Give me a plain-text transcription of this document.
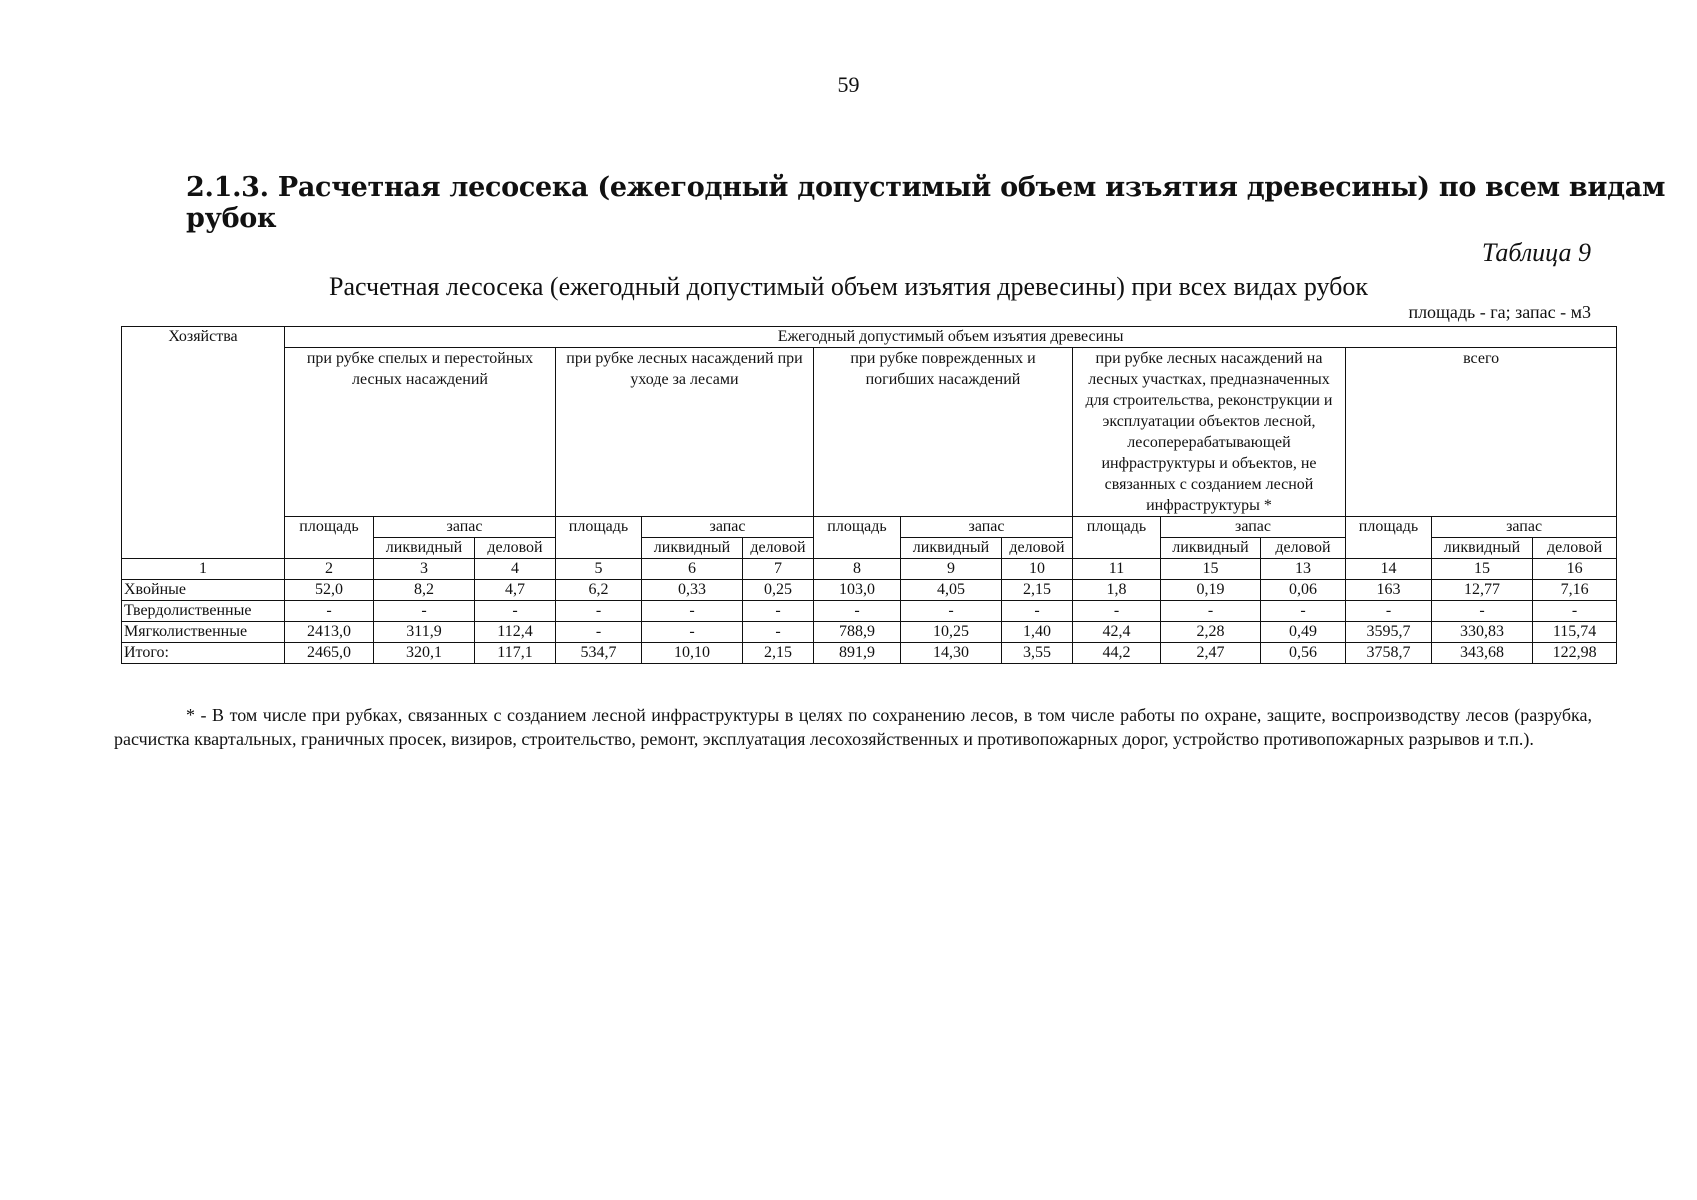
59
2.1.3. Расчетная лесосека (ежегодный допустимый объем изъятия древесины) по всем видам рубок
Таблица 9
Расчетная лесосека (ежегодный допустимый объем изъятия древесины) при всех видах рубок
площадь - га; запас - м3
Хозяйства	Ежегодный допустимый объем изъятия древесины														
	при рубке спелых и перестойных лесных насаждений			при рубке лесных насаждений при уходе за лесами			при рубке поврежденных и погибших насаждений			при рубке лесных насаждений на лесных участках, предназначенных для строительства, реконструкции и эксплуатации объектов лесной, лесоперерабатывающей инфраструктуры и объектов, не связанных с созданием лесной инфраструктуры *			всего		
	площадь	запас		площадь	запас		площадь	запас		площадь	запас		площадь	запас	
		ликвидный	деловой		ликвидный	деловой		ликвидный	деловой		ликвидный	деловой		ликвидный	деловой
1	2	3	4	5	6	7	8	9	10	11	15	13	14	15	16
Хвойные	52,0	8,2	4,7	6,2	0,33	0,25	103,0	4,05	2,15	1,8	0,19	0,06	163	12,77	7,16
Твердолиственные	-	-	-	-	-	-	-	-	-	-	-	-	-	-	-
Мягколиственные	2413,0	311,9	112,4	-	-	-	788,9	10,25	1,40	42,4	2,28	0,49	3595,7	330,83	115,74
Итого:	2465,0	320,1	117,1	534,7	10,10	2,15	891,9	14,30	3,55	44,2	2,47	0,56	3758,7	343,68	122,98
* - В том числе при рубках, связанных с созданием лесной инфраструктуры в целях по сохранению лесов, в том числе работы по охране, защите, воспроизводству лесов (разрубка, расчистка квартальных, граничных просек, визиров, строительство, ремонт, эксплуатация лесохозяйственных и противопожарных дорог, устройство противопожарных разрывов и т.п.).
